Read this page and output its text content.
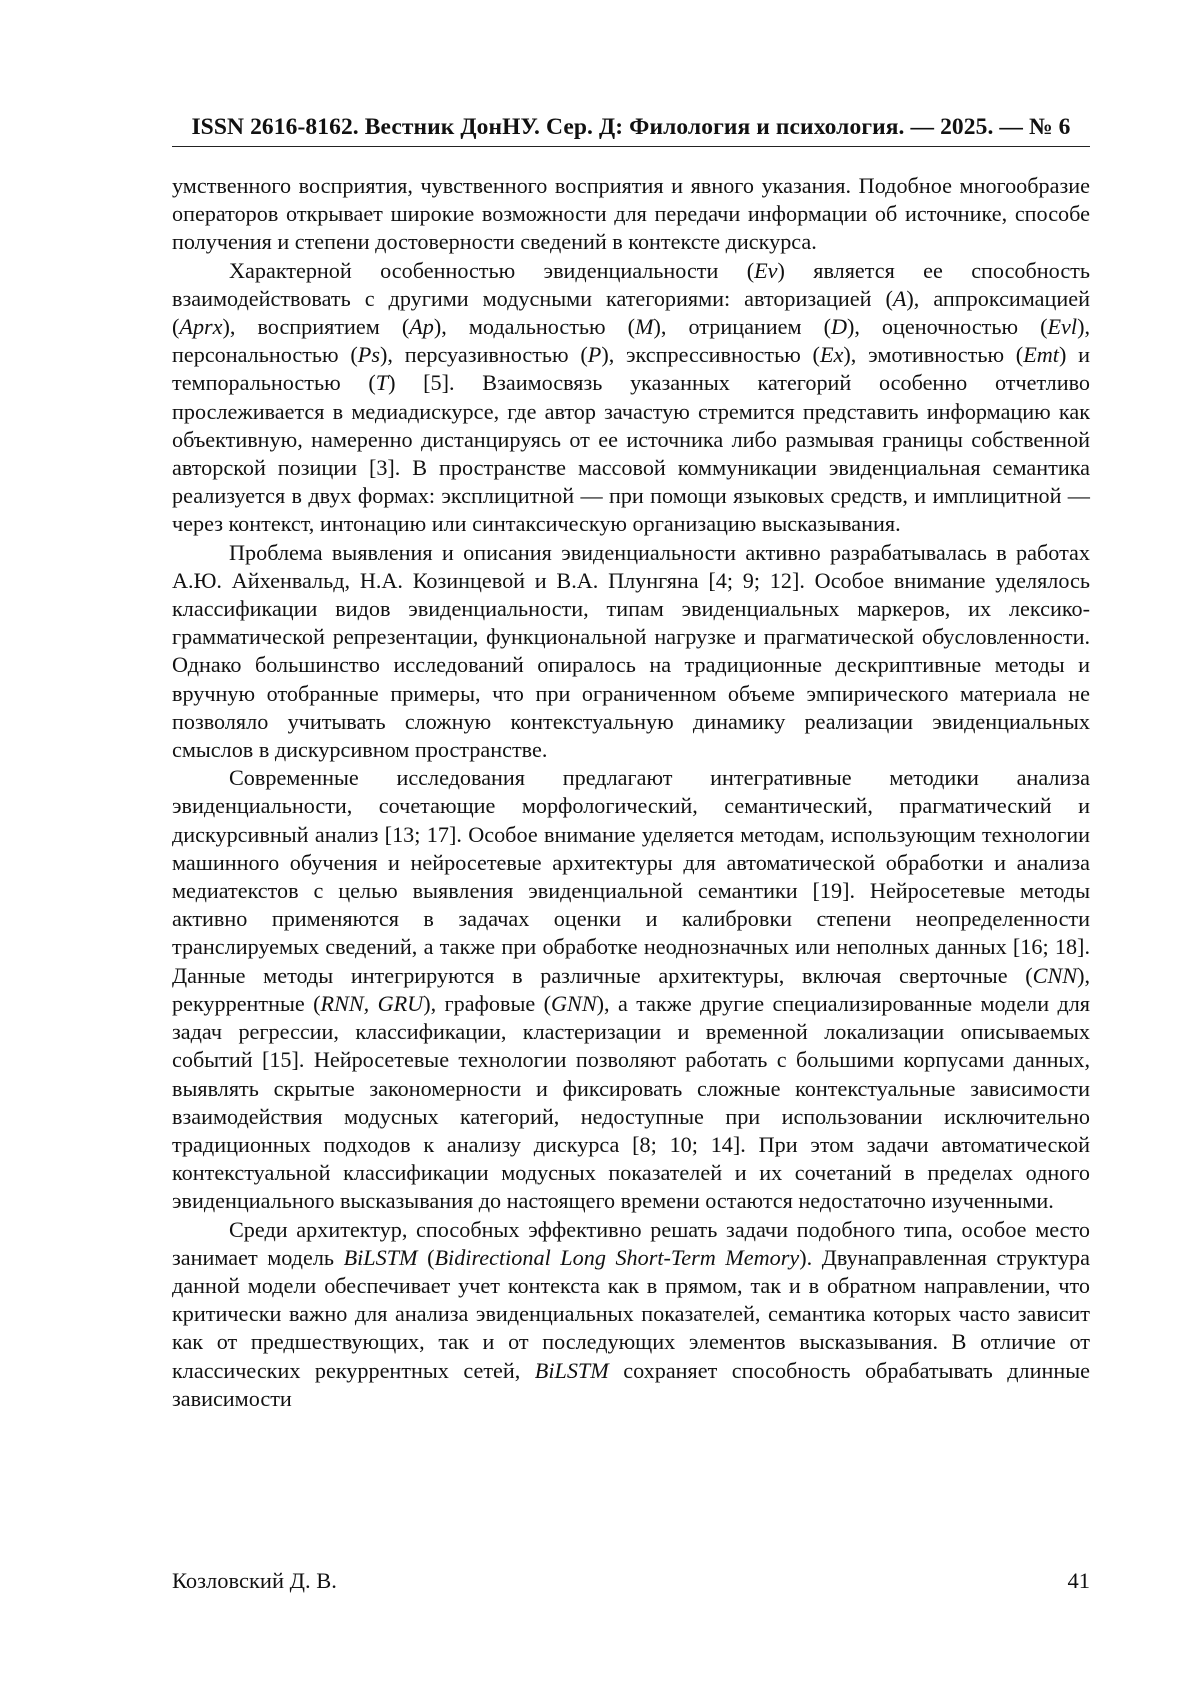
ISSN 2616-8162. Вестник ДонНУ. Сер. Д: Филология и психология. — 2025. — № 6

умственного восприятия, чувственного восприятия и явного указания. Подобное многообразие операторов открывает широкие возможности для передачи информации об источнике, способе получения и степени достоверности сведений в контексте дискурса.

Характерной особенностью эвиденциальности (Ev) является ее способность взаимодействовать с другими модусными категориями: авторизацией (A), аппроксимацией (Aprx), восприятием (Ap), модальностью (M), отрицанием (D), оценочностью (Evl), персональностью (Ps), персуазивностью (P), экспрессивностью (Ex), эмотивностью (Emt) и темпоральностью (T) [5]. Взаимосвязь указанных категорий особенно отчетливо прослеживается в медиадискурсе, где автор зачастую стремится представить информацию как объективную, намеренно дистанцируясь от ее источника либо размывая границы собственной авторской позиции [3]. В пространстве массовой коммуникации эвиденциальная семантика реализуется в двух формах: эксплицитной — при помощи языковых средств, и имплицитной — через контекст, интонацию или синтаксическую организацию высказывания.

Проблема выявления и описания эвиденциальности активно разрабатывалась в работах А.Ю. Айхенвальд, Н.А. Козинцевой и В.А. Плунгяна [4; 9; 12]. Особое внимание уделялось классификации видов эвиденциальности, типам эвиденциальных маркеров, их лексико-грамматической репрезентации, функциональной нагрузке и прагматической обусловленности. Однако большинство исследований опиралось на традиционные дескриптивные методы и вручную отобранные примеры, что при ограниченном объеме эмпирического материала не позволяло учитывать сложную контекстуальную динамику реализации эвиденциальных смыслов в дискурсивном пространстве.

Современные исследования предлагают интегративные методики анализа эвиденциальности, сочетающие морфологический, семантический, прагматический и дискурсивный анализ [13; 17]. Особое внимание уделяется методам, использующим технологии машинного обучения и нейросетевые архитектуры для автоматической обработки и анализа медиатекстов с целью выявления эвиденциальной семантики [19]. Нейросетевые методы активно применяются в задачах оценки и калибровки степени неопределенности транслируемых сведений, а также при обработке неоднозначных или неполных данных [16; 18]. Данные методы интегрируются в различные архитектуры, включая сверточные (CNN), рекуррентные (RNN, GRU), графовые (GNN), а также другие специализированные модели для задач регрессии, классификации, кластеризации и временной локализации описываемых событий [15]. Нейросетевые технологии позволяют работать с большими корпусами данных, выявлять скрытые закономерности и фиксировать сложные контекстуальные зависимости взаимодействия модусных категорий, недоступные при использовании исключительно традиционных подходов к анализу дискурса [8; 10; 14]. При этом задачи автоматической контекстуальной классификации модусных показателей и их сочетаний в пределах одного эвиденциального высказывания до настоящего времени остаются недостаточно изученными.

Среди архитектур, способных эффективно решать задачи подобного типа, особое место занимает модель BiLSTM (Bidirectional Long Short-Term Memory). Двунаправленная структура данной модели обеспечивает учет контекста как в прямом, так и в обратном направлении, что критически важно для анализа эвиденциальных показателей, семантика которых часто зависит как от предшествующих, так и от последующих элементов высказывания. В отличие от классических рекуррентных сетей, BiLSTM сохраняет способность обрабатывать длинные зависимости

Козловский Д. В.	41
